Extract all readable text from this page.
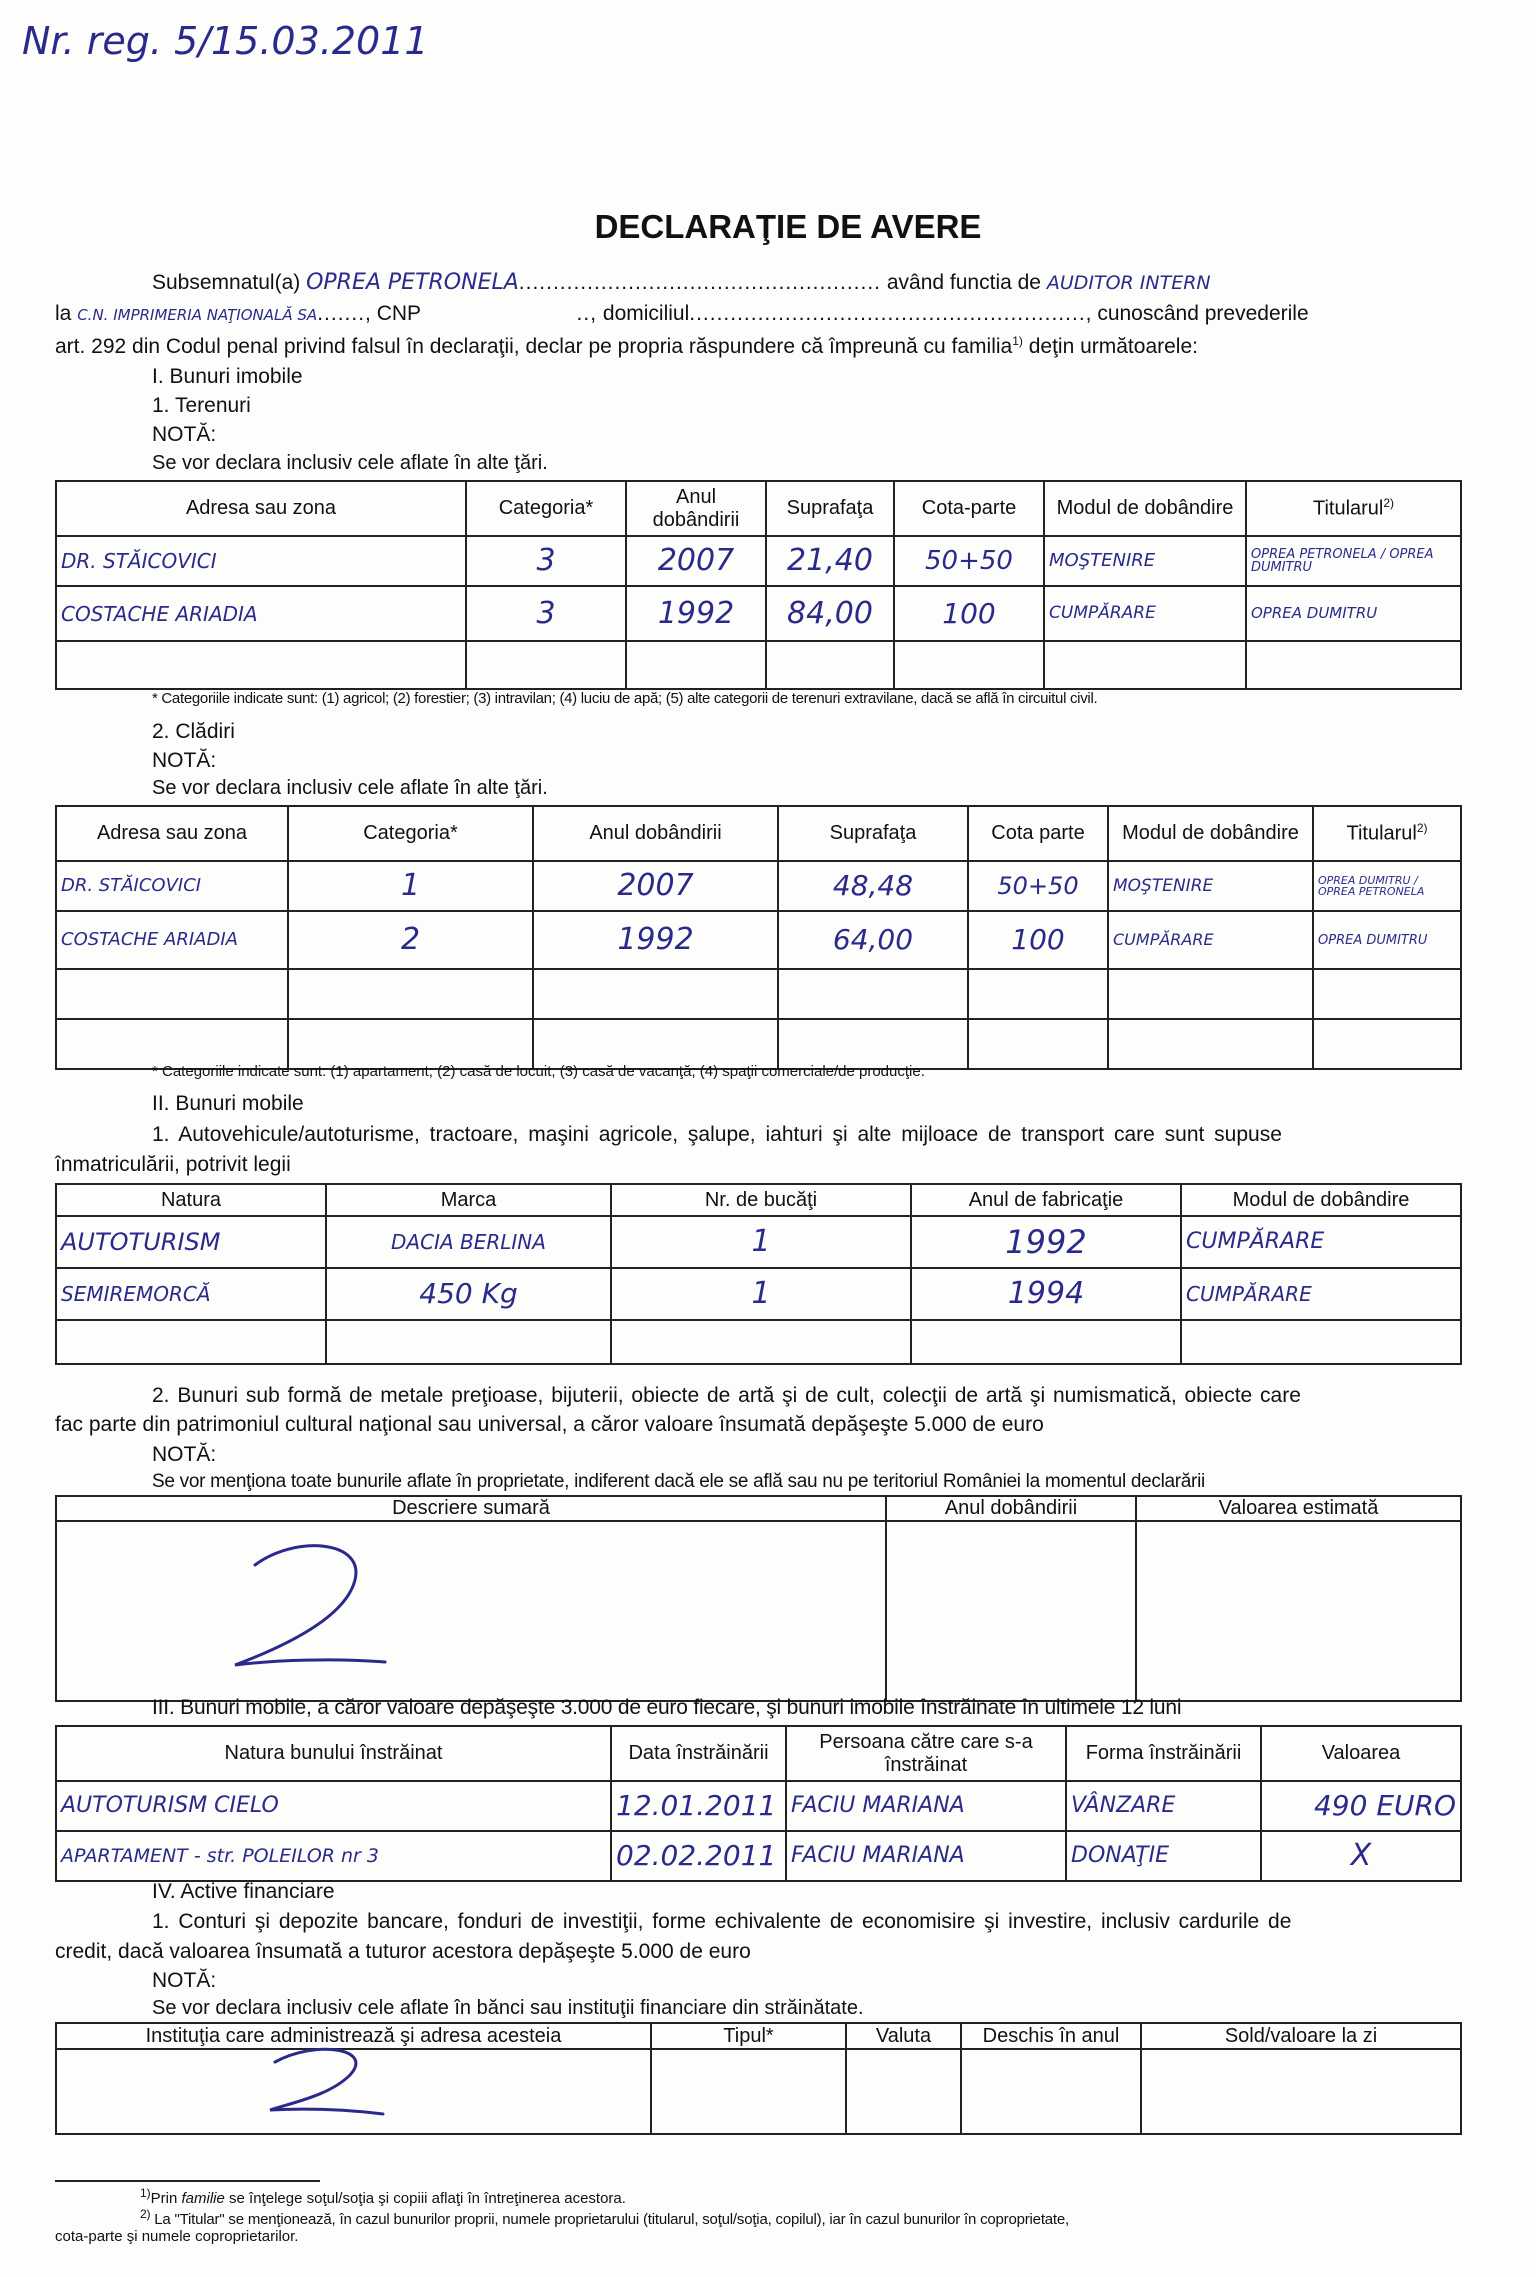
Nr. reg. 5/15.03.2011
DECLARAŢIE DE AVERE
Subsemnatul(a) OPREA PETRONELA..................................................... având functia de AUDITOR INTERN
la C.N. IMPRIMERIA NAŢIONALĂ SA......., CNP	.., domiciliul.........................................................., cunoscând prevederile
art. 292 din Codul penal privind falsul în declaraţii, declar pe propria răspundere că împreună cu familia$^{1)}$ deţin următoarele:
I. Bunuri imobile
1. Terenuri
NOTĂ:
Se vor declara inclusiv cele aflate în alte ţări.
Adresa sau zona	Categoria*	Anul dobândirii	Suprafaţa	Cota-parte	Modul de dobândire	Titularul$^{2)}$
DR. STĂICOVICI	3	2007	21,40	50+50	MOŞTENIRE	OPREA PETRONELA / OPREA DUMITRU
COSTACHE ARIADIA	3	1992	84,00	100	CUMPĂRARE	OPREA DUMITRU

* Categoriile indicate sunt: (1) agricol; (2) forestier; (3) intravilan; (4) luciu de apă; (5) alte categorii de terenuri extravilane, dacă se află în circuitul civil.
2. Clădiri
NOTĂ:
Se vor declara inclusiv cele aflate în alte ţări.
Adresa sau zona	Categoria*	Anul dobândirii	Suprafaţa	Cota parte	Modul de dobândire	Titularul$^{2)}$
DR. STĂICOVICI	1	2007	48,48	50+50	MOŞTENIRE	OPREA DUMITRU / OPREA PETRONELA
COSTACHE ARIADIA	2	1992	64,00	100	CUMPĂRARE	OPREA DUMITRU

* Categoriile indicate sunt: (1) apartament; (2) casă de locuit; (3) casă de vacanţă; (4) spaţii comerciale/de producţie.
II. Bunuri mobile
1. Autovehicule/autoturisme, tractoare, maşini agricole, şalupe, iahturi şi alte mijloace de transport care sunt supuse
înmatriculării, potrivit legii
Natura	Marca	Nr. de bucăţi	Anul de fabricaţie	Modul de dobândire
AUTOTURISM	DACIA BERLINA	1	1992	CUMPĂRARE
SEMIREMORCĂ	450 Kg	1	1994	CUMPĂRARE

2. Bunuri sub formă de metale preţioase, bijuterii, obiecte de artă şi de cult, colecţii de artă şi numismatică, obiecte care
fac parte din patrimoniul cultural naţional sau universal, a căror valoare însumată depăşeşte 5.000 de euro
NOTĂ:
Se vor menţiona toate bunurile aflate în proprietate, indiferent dacă ele se află sau nu pe teritoriul României la momentul declarării
Descriere sumară	Anul dobândirii	Valoarea estimată

III. Bunuri mobile, a căror valoare depăşeşte 3.000 de euro fiecare, şi bunuri imobile înstrăinate în ultimele 12 luni
Natura bunului înstrăinat	Data înstrăinării	Persoana către care s-a înstrăinat	Forma înstrăinării	Valoarea
AUTOTURISM CIELO	12.01.2011	FACIU MARIANA	VÂNZARE	490 EURO
APARTAMENT - str. POLEILOR nr 3	02.02.2011	FACIU MARIANA	DONAŢIE	X
IV. Active financiare
1. Conturi şi depozite bancare, fonduri de investiţii, forme echivalente de economisire şi investire, inclusiv cardurile de
credit, dacă valoarea însumată a tuturor acestora depăşeşte 5.000 de euro
NOTĂ:
Se vor declara inclusiv cele aflate în bănci sau instituţii financiare din străinătate.
Instituţia care administrează şi adresa acesteia	Tipul*	Valuta	Deschis în anul	Sold/valoare la zi

$^{1)}$Prin familie se înţelege soţul/soţia şi copiii aflaţi în întreţinerea acestora.
$^{2)}$ La "Titular" se menţionează, în cazul bunurilor proprii, numele proprietarului (titularul, soţul/soţia, copilul), iar în cazul bunurilor în coproprietate,
cota-parte şi numele coproprietarilor.
